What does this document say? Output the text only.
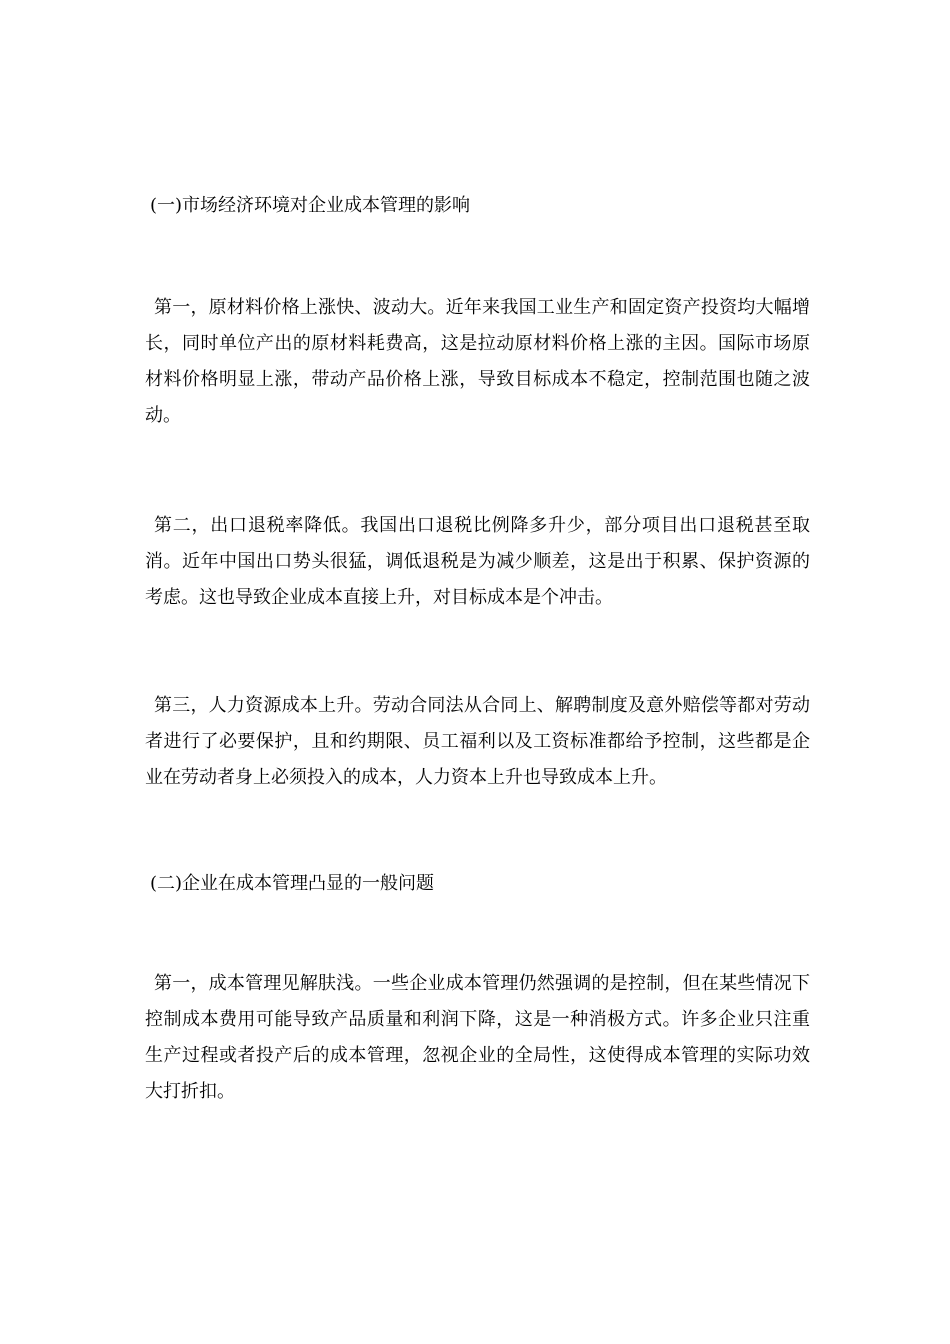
(一)市场经济环境对企业成本管理的影响

第一，原材料价格上涨快、波动大。近年来我国工业生产和固定资产投资均大幅增长，同时单位产出的原材料耗费高，这是拉动原材料价格上涨的主因。国际市场原材料价格明显上涨，带动产品价格上涨，导致目标成本不稳定，控制范围也随之波动。

第二，出口退税率降低。我国出口退税比例降多升少，部分项目出口退税甚至取消。近年中国出口势头很猛，调低退税是为减少顺差，这是出于积累、保护资源的考虑。这也导致企业成本直接上升，对目标成本是个冲击。

第三，人力资源成本上升。劳动合同法从合同上、解聘制度及意外赔偿等都对劳动者进行了必要保护，且和约期限、员工福利以及工资标准都给予控制，这些都是企业在劳动者身上必须投入的成本，人力资本上升也导致成本上升。

(二)企业在成本管理凸显的一般问题

第一，成本管理见解肤浅。一些企业成本管理仍然强调的是控制，但在某些情况下控制成本费用可能导致产品质量和利润下降，这是一种消极方式。许多企业只注重生产过程或者投产后的成本管理，忽视企业的全局性，这使得成本管理的实际功效大打折扣。
